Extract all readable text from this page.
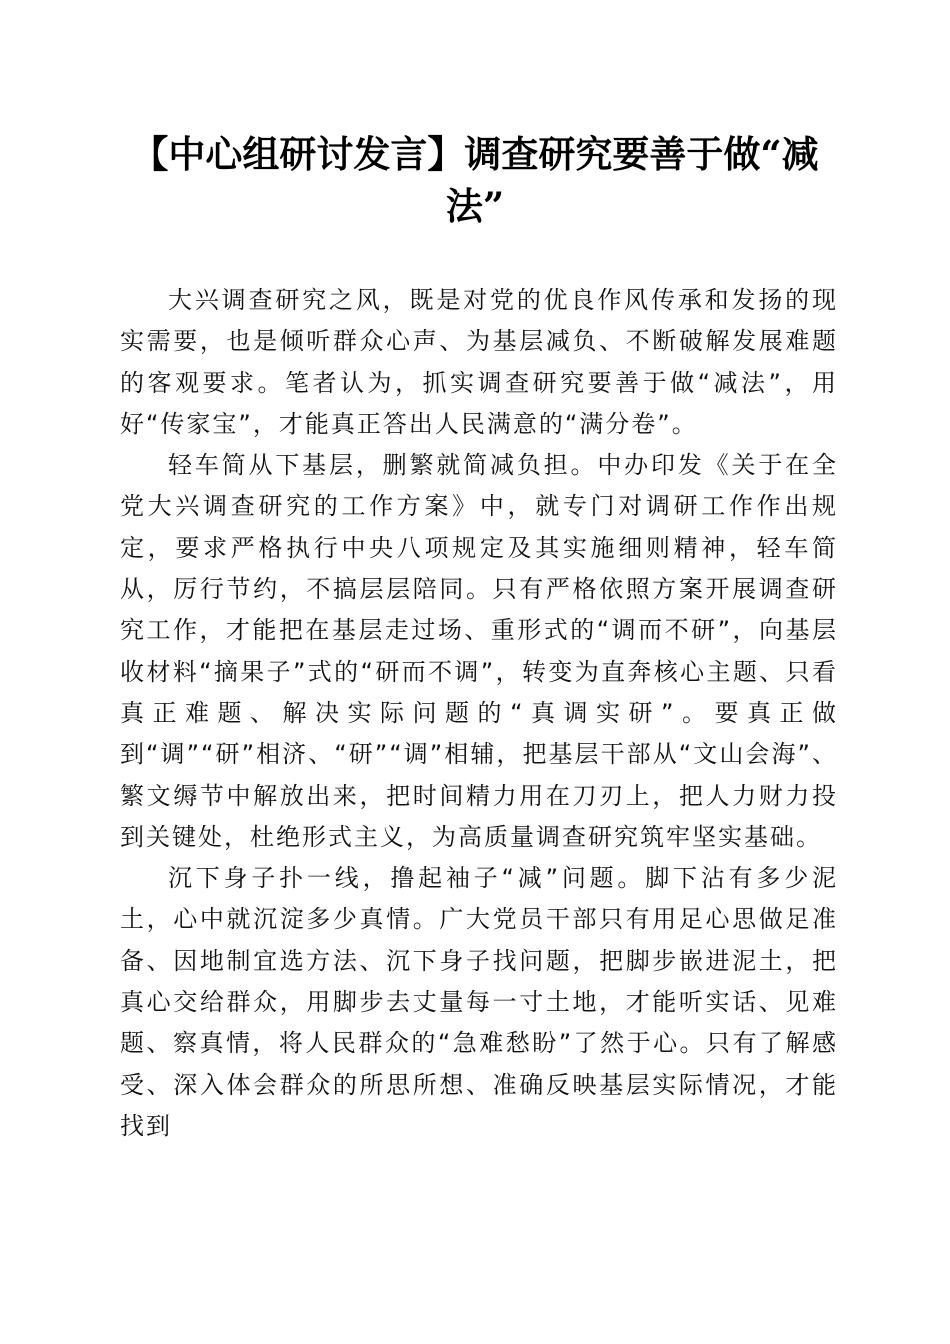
【中心组研讨发言】调查研究要善于做“减法”

大兴调查研究之风，既是对党的优良作风传承和发扬的现实需要，也是倾听群众心声、为基层减负、不断破解发展难题的客观要求。笔者认为，抓实调查研究要善于做“减法”，用好“传家宝”，才能真正答出人民满意的“满分卷”。

轻车简从下基层，删繁就简减负担。中办印发《关于在全党大兴调查研究的工作方案》中，就专门对调研工作作出规定，要求严格执行中央八项规定及其实施细则精神，轻车简从，厉行节约，不搞层层陪同。只有严格依照方案开展调查研究工作，才能把在基层走过场、重形式的“调而不研”，向基层收材料“摘果子”式的“研而不调”，转变为直奔核心主题、只看真正难题、解决实际问题的“真调实研”。要真正做到“调”“研”相济、“研”“调”相辅，把基层干部从“文山会海”、繁文缛节中解放出来，把时间精力用在刀刃上，把人力财力投到关键处，杜绝形式主义，为高质量调查研究筑牢坚实基础。

沉下身子扑一线，撸起袖子“减”问题。脚下沾有多少泥土，心中就沉淀多少真情。广大党员干部只有用足心思做足准备、因地制宜选方法、沉下身子找问题，把脚步嵌进泥土，把真心交给群众，用脚步去丈量每一寸土地，才能听实话、见难题、察真情，将人民群众的“急难愁盼”了然于心。只有了解感受、深入体会群众的所思所想、准确反映基层实际情况，才能找到
